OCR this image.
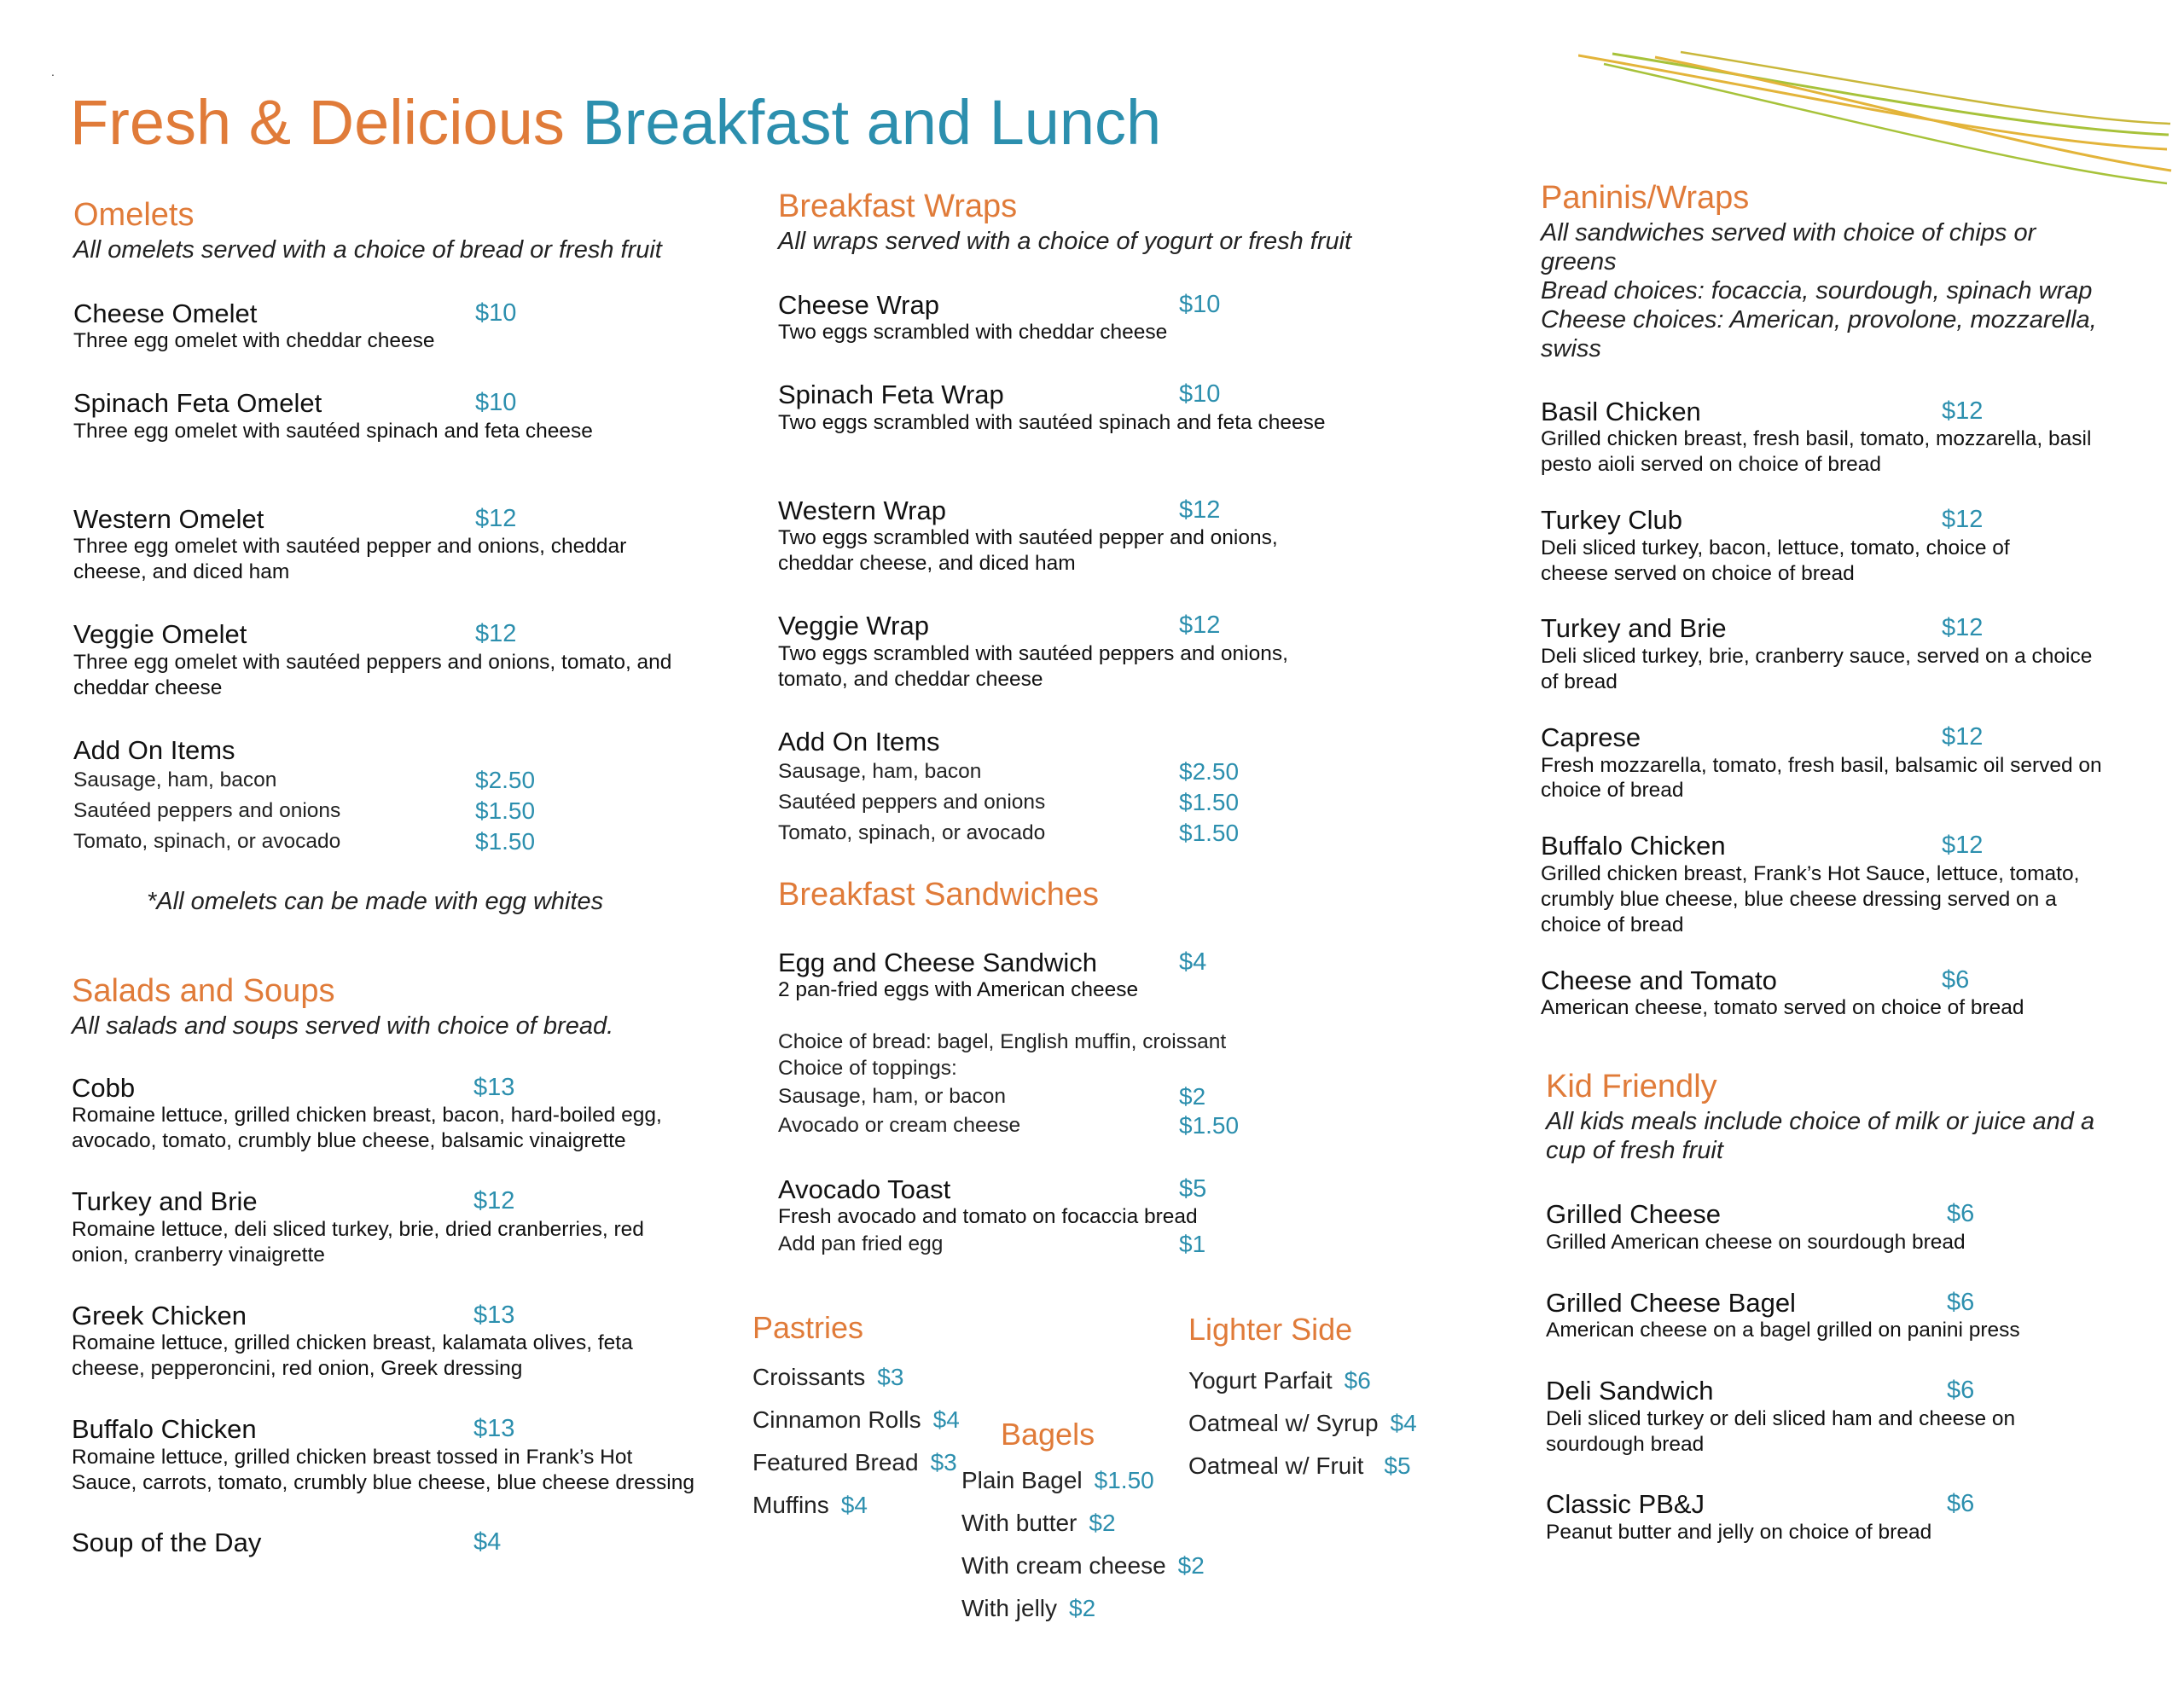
.
Fresh & Delicious Breakfast and Lunch
Omelets
All omelets served with a choice of bread or fresh fruit
Cheese Omelet	$10
Three egg omelet with cheddar cheese
Spinach Feta Omelet	$10
Three egg omelet with sautéed spinach and feta cheese
Western Omelet	$12
Three egg omelet with sautéed pepper and onions, cheddar cheese, and diced ham
Veggie Omelet	$12
Three egg omelet with sautéed peppers and onions, tomato, and cheddar cheese
Add On Items
Sausage, ham, bacon	$2.50
Sautéed peppers and onions	$1.50
Tomato, spinach, or avocado	$1.50
*All omelets can be made with egg whites
Salads and Soups
All salads and soups served with choice of bread.
Cobb	$13
Romaine lettuce, grilled chicken breast, bacon, hard-boiled egg, avocado, tomato, crumbly blue cheese, balsamic vinaigrette
Turkey and Brie	$12
Romaine lettuce, deli sliced turkey, brie, dried cranberries, red onion, cranberry vinaigrette
Greek Chicken	$13
Romaine lettuce, grilled chicken breast, kalamata olives, feta cheese, pepperoncini, red onion, Greek dressing
Buffalo Chicken	$13
Romaine lettuce, grilled chicken breast tossed in Frank’s Hot Sauce, carrots, tomato, crumbly blue cheese, blue cheese dressing
Soup of the Day	$4
Breakfast Wraps
All wraps served with a choice of yogurt or fresh fruit
Cheese Wrap	$10
Two eggs scrambled with cheddar cheese
Spinach Feta Wrap	$10
Two eggs scrambled with sautéed spinach and feta cheese
Western Wrap	$12
Two eggs scrambled with sautéed pepper and onions, cheddar cheese, and diced ham
Veggie Wrap	$12
Two eggs scrambled with sautéed peppers and onions, tomato, and cheddar cheese
Add On Items
Sausage, ham, bacon	$2.50
Sautéed peppers and onions	$1.50
Tomato, spinach, or avocado	$1.50
Breakfast Sandwiches
Egg and Cheese Sandwich	$4
2 pan-fried eggs with American cheese
Choice of bread: bagel, English muffin, croissant
Choice of toppings:
Sausage, ham, or bacon	$2
Avocado or cream cheese	$1.50
Avocado Toast	$5
Fresh avocado and tomato on focaccia bread
Add pan fried egg	$1
Pastries
Croissants $3
Cinnamon Rolls $4
Featured Bread $3
Muffins $4
Bagels
Plain Bagel $1.50
With butter $2
With cream cheese $2
With jelly $2
Lighter Side
Yogurt Parfait $6
Oatmeal w/ Syrup $4
Oatmeal w/ Fruit $5
Paninis/Wraps
All sandwiches served with choice of chips or greens
Bread choices: focaccia, sourdough, spinach wrap
Cheese choices: American, provolone, mozzarella, swiss
Basil Chicken	$12
Grilled chicken breast, fresh basil, tomato, mozzarella, basil pesto aioli served on choice of bread
Turkey Club	$12
Deli sliced turkey, bacon, lettuce, tomato, choice of cheese served on choice of bread
Turkey and Brie	$12
Deli sliced turkey, brie, cranberry sauce, served on a choice of bread
Caprese	$12
Fresh mozzarella, tomato, fresh basil, balsamic oil served on choice of bread
Buffalo Chicken	$12
Grilled chicken breast, Frank’s Hot Sauce, lettuce, tomato, crumbly blue cheese, blue cheese dressing served on a choice of bread
Cheese and Tomato	$6
American cheese, tomato served on choice of bread
Kid Friendly
All kids meals include choice of milk or juice and a cup of fresh fruit
Grilled Cheese	$6
Grilled American cheese on sourdough bread
Grilled Cheese Bagel	$6
American cheese on a bagel grilled on panini press
Deli Sandwich	$6
Deli sliced turkey or deli sliced ham and cheese on sourdough bread
Classic PB&J	$6
Peanut butter and jelly on choice of bread
